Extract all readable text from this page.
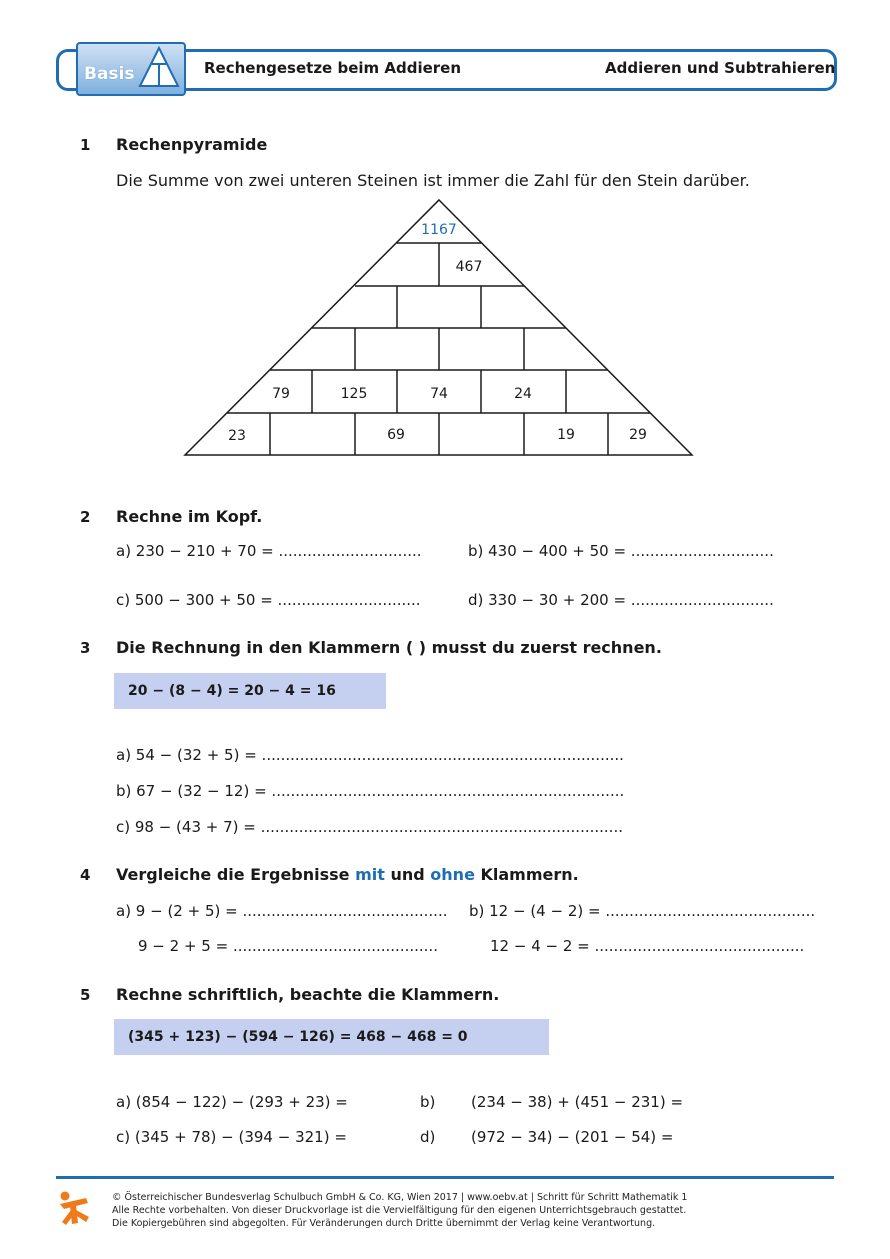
Basis	Rechengesetze beim Addieren	Addieren und Subtrahieren
1 Rechenpyramide
Die Summe von zwei unteren Steinen ist immer die Zahl für den Stein darüber.
1167
467
79	125	74	24
23	69	19	29
2 Rechne im Kopf.
a) 230 − 210 + 70 = ..............................	b) 430 − 400 + 50 = ..............................
c) 500 − 300 + 50 = ..............................	d) 330 − 30 + 200 = ..............................
3 Die Rechnung in den Klammern ( ) musst du zuerst rechnen.
20 − (8 − 4) = 20 − 4 = 16
a) 54 − (32 + 5) = ............................................................................
b) 67 − (32 − 12) = ..........................................................................
c) 98 − (43 + 7) = ............................................................................
4 Vergleiche die Ergebnisse mit und ohne Klammern.
a) 9 − (2 + 5) = ...........................................
9 − 2 + 5 = ...........................................
b) 12 − (4 − 2) = ............................................
12 − 4 − 2 = ............................................
5 Rechne schriftlich, beachte die Klammern.
(345 + 123) − (594 − 126) = 468 − 468 = 0
a) (854 − 122) − (293 + 23) =	b) (234 − 38) + (451 − 231) =
c) (345 + 78) − (394 − 321) =	d) (972 − 34) − (201 − 54) =
© Österreichischer Bundesverlag Schulbuch GmbH & Co. KG, Wien 2017 | www.oebv.at | Schritt für Schritt Mathematik 1
Alle Rechte vorbehalten. Von dieser Druckvorlage ist die Vervielfältigung für den eigenen Unterrichtsgebrauch gestattet.
Die Kopiergebühren sind abgegolten. Für Veränderungen durch Dritte übernimmt der Verlag keine Verantwortung.
